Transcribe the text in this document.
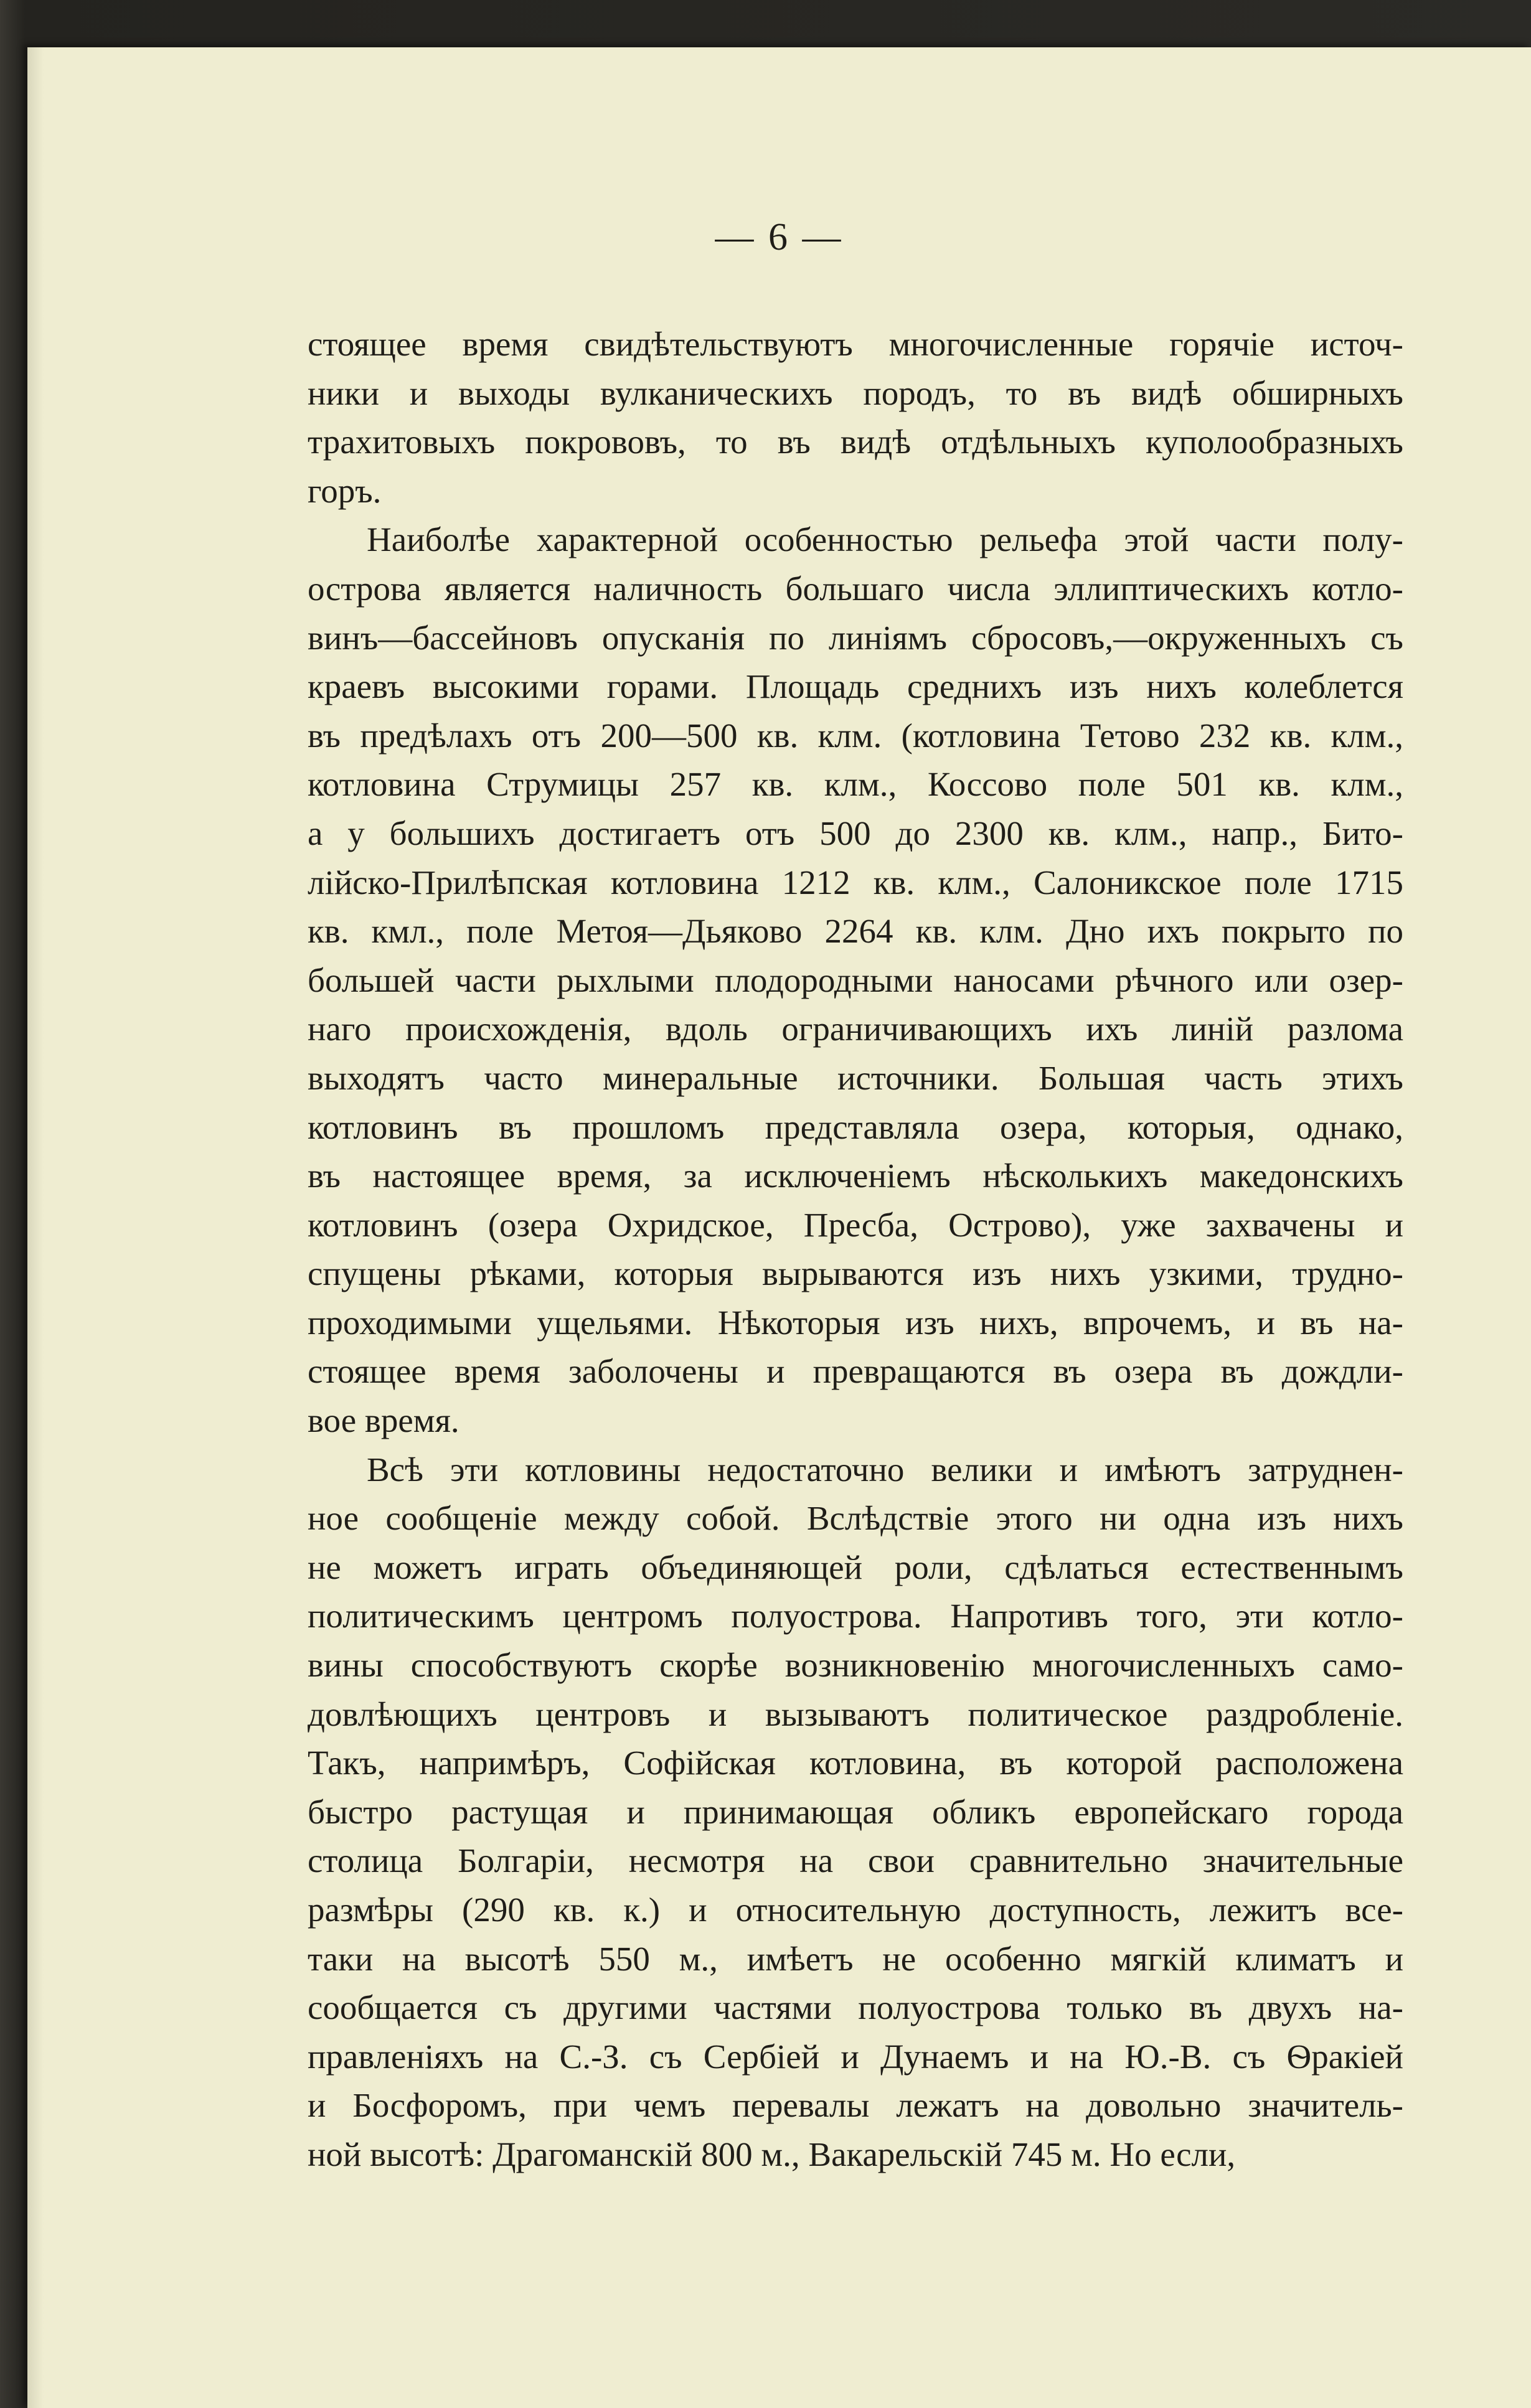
— 6 —
стоящее время свидѣтельствуютъ многочисленные горячіе источ-
ники и выходы вулканическихъ породъ, то въ видѣ обширныхъ
трахитовыхъ покрововъ, то въ видѣ отдѣльныхъ куполообразныхъ
горъ.
Наиболѣе характерной особенностью рельефа этой части полу-
острова является наличность большаго числа эллиптическихъ котло-
винъ—бассейновъ опусканія по линіямъ сбросовъ,—окруженныхъ съ
краевъ высокими горами. Площадь среднихъ изъ нихъ колеблется
въ предѣлахъ отъ 200—500 кв. клм. (котловина Тетово 232 кв. клм.,
котловина Струмицы 257 кв. клм., Коссово поле 501 кв. клм.,
а у большихъ достигаетъ отъ 500 до 2300 кв. клм., напр., Бито-
лійско-Прилѣпская котловина 1212 кв. клм., Салоникское поле 1715
кв. кмл., поле Метоя—Дьяково 2264 кв. клм. Дно ихъ покрыто по
большей части рыхлыми плодородными наносами рѣчного или озер-
наго происхожденія, вдоль ограничивающихъ ихъ линій разлома
выходятъ часто минеральные источники. Большая часть этихъ
котловинъ въ прошломъ представляла озера, которыя, однако,
въ настоящее время, за исключеніемъ нѣсколькихъ македонскихъ
котловинъ (озера Охридское, Пресба, Острово), уже захвачены и
спущены рѣками, которыя вырываются изъ нихъ узкими, трудно-
проходимыми ущельями. Нѣкоторыя изъ нихъ, впрочемъ, и въ на-
стоящее время заболочены и превращаются въ озера въ дождли-
вое время.
Всѣ эти котловины недостаточно велики и имѣютъ затруднен-
ное сообщеніе между собой. Вслѣдствіе этого ни одна изъ нихъ
не можетъ играть объединяющей роли, сдѣлаться естественнымъ
политическимъ центромъ полуострова. Напротивъ того, эти котло-
вины способствуютъ скорѣе возникновенію многочисленныхъ само-
довлѣющихъ центровъ и вызываютъ политическое раздробленіе.
Такъ, напримѣръ, Софійская котловина, въ которой расположена
быстро растущая и принимающая обликъ европейскаго города
столица Болгаріи, несмотря на свои сравнительно значительные
размѣры (290 кв. к.) и относительную доступность, лежитъ все-
таки на высотѣ 550 м., имѣетъ не особенно мягкій климатъ и
сообщается съ другими частями полуострова только въ двухъ на-
правленіяхъ на С.-З. съ Сербіей и Дунаемъ и на Ю.-В. съ Ѳракіей
и Босфоромъ, при чемъ перевалы лежатъ на довольно значитель-
ной высотѣ: Драгоманскій 800 м., Вакарельскій 745 м. Но если,
